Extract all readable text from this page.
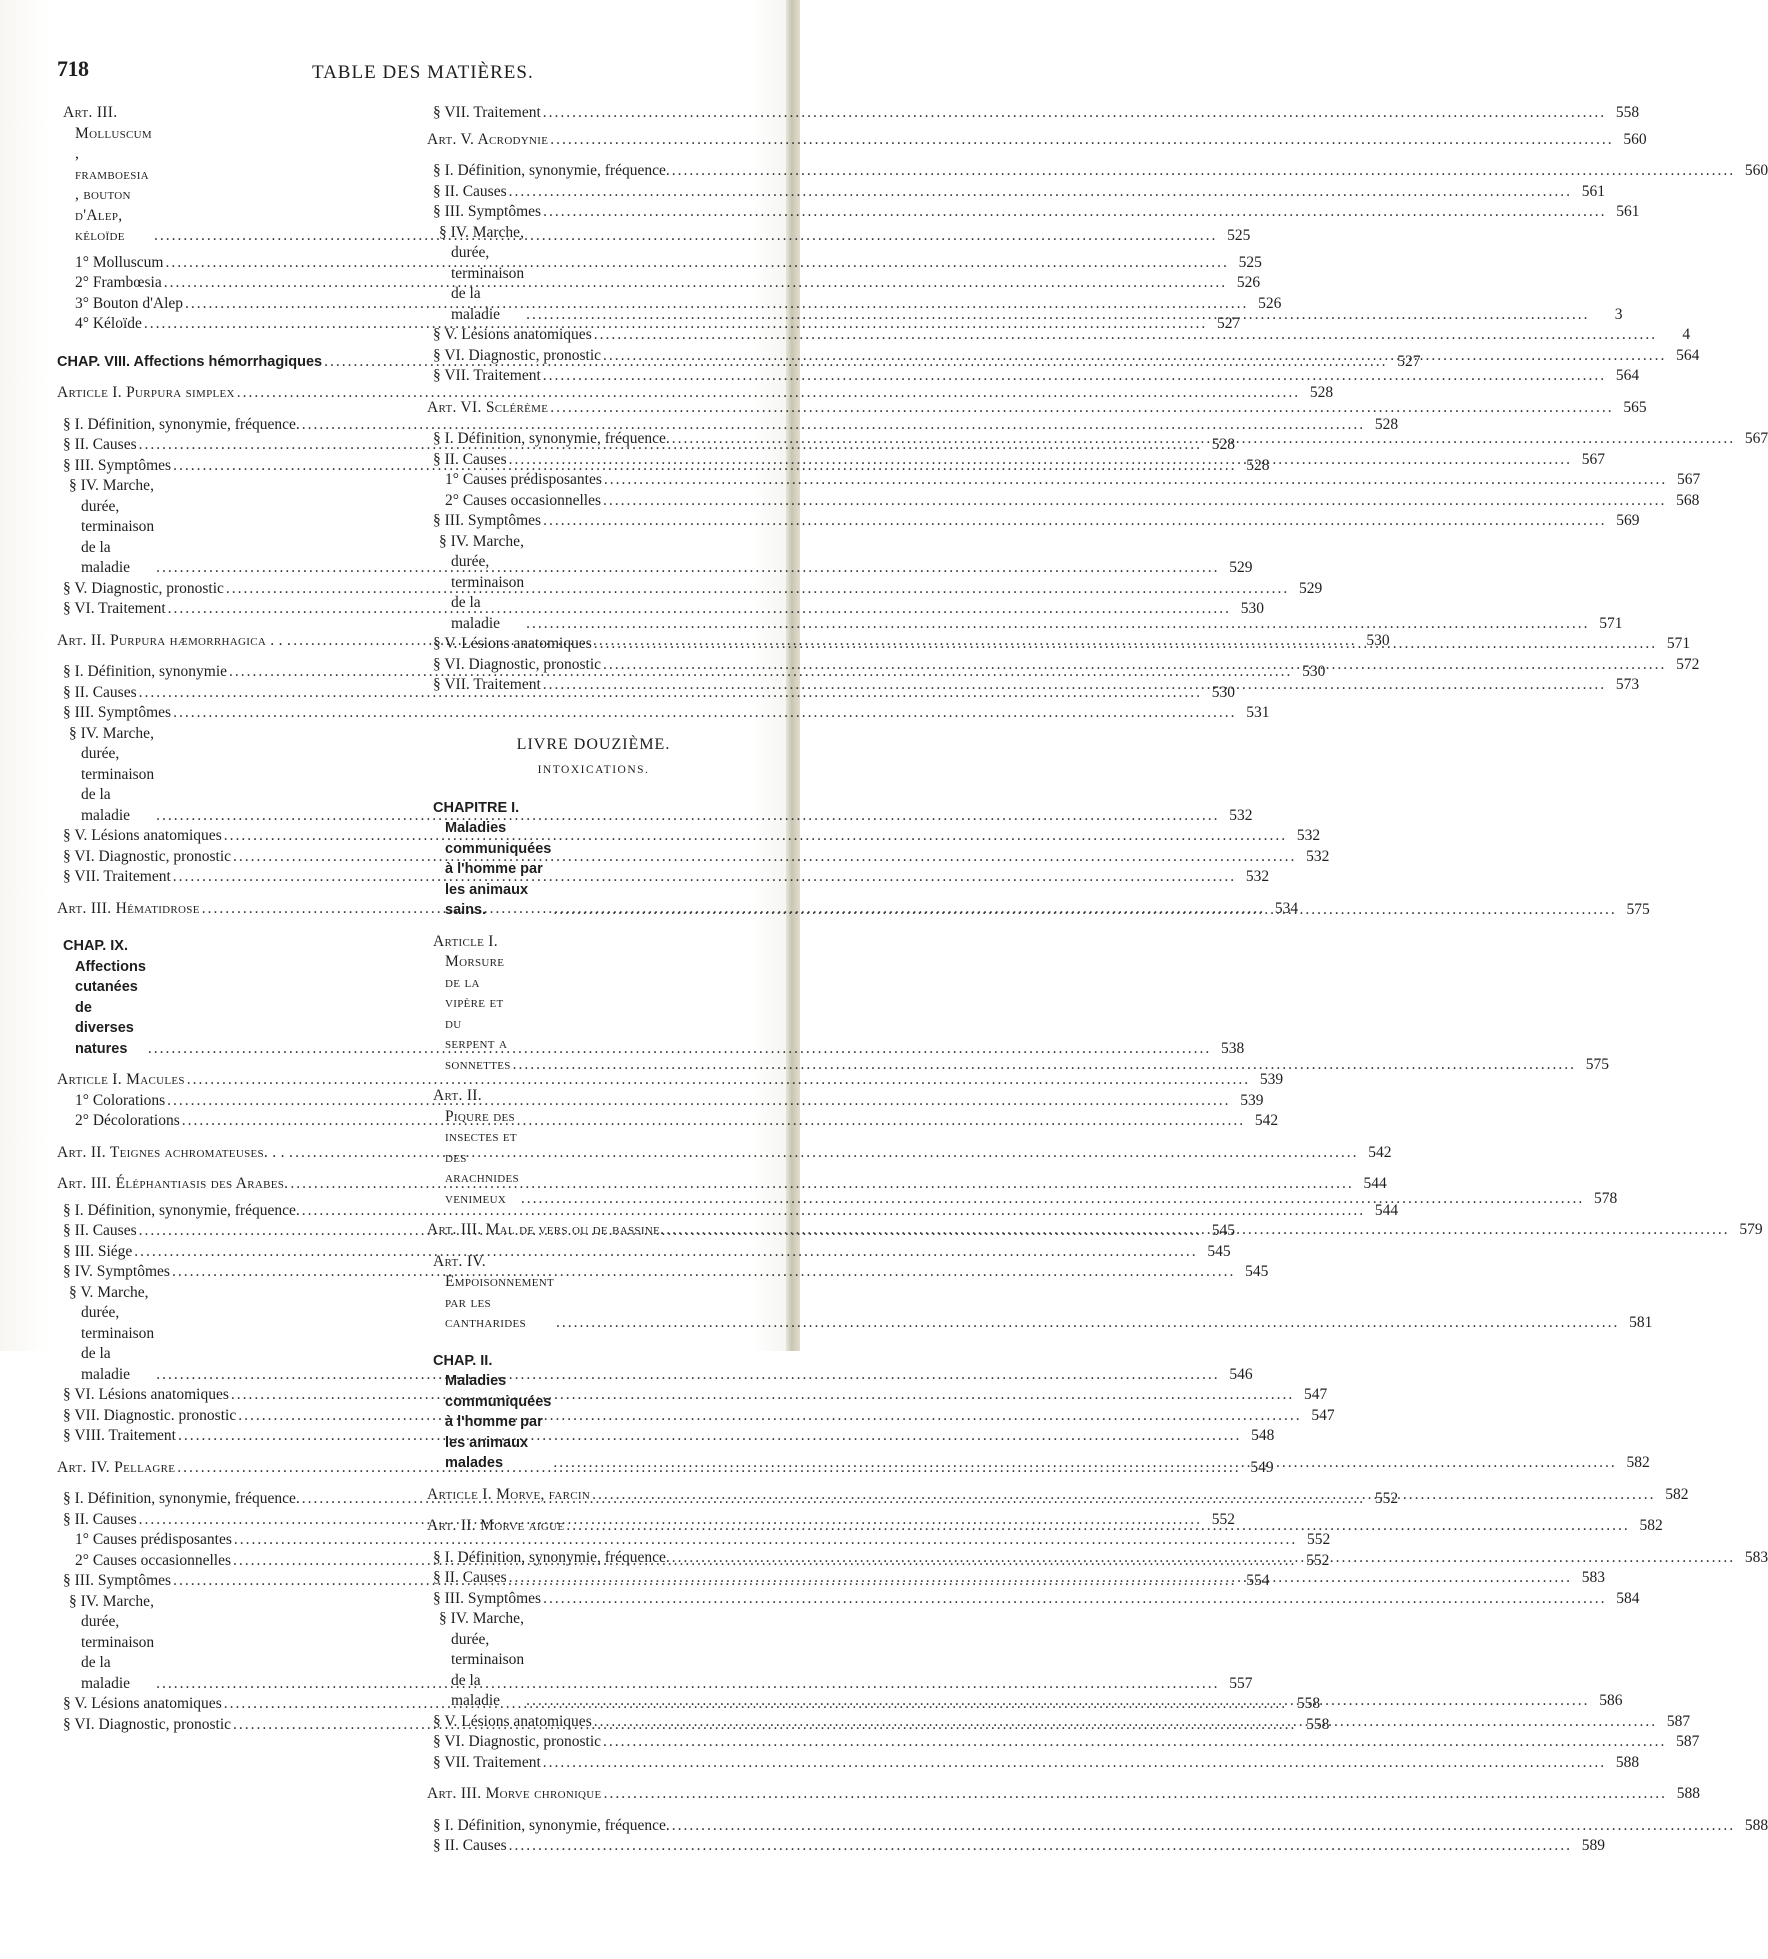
718	TABLE DES MATIÈRES.
Art. III. Molluscum , framboesia , bouton d'Alep, kéloïde .....	525
1° Molluscum .....	525
2° Frambœsia .....	526
3° Bouton d'Alep .....	526
4° Kéloïde .....	527
CHAP. VIII. Affections hémorrhagiques .....	527
Article I. Purpura simplex .....	528
§ I. Définition, synonymie, fréquence. .....	528
§ II. Causes .....	528
§ III. Symptômes .....	528
§ IV. Marche, durée, terminaison de la maladie .....	529
§ V. Diagnostic, pronostic .....	529
§ VI. Traitement .....	530
Art. II. Purpura hæmorrhagica . . . .....	530
§ I. Définition, synonymie .....	530
§ II. Causes .....	530
§ III. Symptômes .....	531
§ IV. Marche, durée, terminaison de la maladie .....	532
§ V. Lésions anatomiques .....	532
§ VI. Diagnostic, pronostic .....	532
§ VII. Traitement .....	532
Art. III. Hématidrose .....	534
CHAP. IX. Affections cutanées de diverses natures .....	538
Article I. Macules .....	539
1° Colorations .....	539
2° Décolorations .....	542
Art. II. Teignes achromateuses. . . . .....	542
Art. III. Éléphantiasis des Arabes. .....	544
§ I. Définition, synonymie, fréquence. .....	544
§ II. Causes .....	545
§ III. Siége .....	545
§ IV. Symptômes .....	545
§ V. Marche, durée, terminaison de la maladie .....	546
§ VI. Lésions anatomiques .....	547
§ VII. Diagnostic. pronostic .....	547
§ VIII. Traitement .....	548
Art. IV. Pellagre .....	549
§ I. Définition, synonymie, fréquence. .....	552
§ II. Causes .....	552
1° Causes prédisposantes .....	552
2° Causes occasionnelles .....	552
§ III. Symptômes .....	554
§ IV. Marche, durée, terminaison de la maladie .....	557
§ V. Lésions anatomiques .....	558
§ VI. Diagnostic, pronostic .....	558
§ VII. Traitement .....	558
Art. V. Acrodynie .....	560
§ I. Définition, synonymie, fréquence. .....	560
§ II. Causes .....	561
§ III. Symptômes .....	561
§ IV. Marche, durée, terminaison de la maladie .....	3
§ V. Lésions anatomiques .....	4
§ VI. Diagnostic, pronostic .....	564
§ VII. Traitement .....	564
Art. VI. Sclérème .....	565
§ I. Définition, synonymie, fréquence. .....	567
§ II. Causes .....	567
1° Causes prédisposantes .....	567
2° Causes occasionnelles .....	568
§ III. Symptômes .....	569
§ IV. Marche, durée, terminaison de la maladie .....	571
§ V. Lésions anatomiques .....	571
§ VI. Diagnostic, pronostic .....	572
§ VII. Traitement .....	573
LIVRE DOUZIÈME.
INTOXICATIONS.
CHAPITRE I. Maladies communiquées à l'homme par les animaux sains. .....	575
Article I. Morsure de la vipère et du serpent a sonnettes .....	575
Art. II. Piqure des insectes et des arachnides venimeux .....	578
Art. III. Mal de vers ou de bassine. .....	579
Art. IV. Empoisonnement par les cantharides .....	581
CHAP. II. Maladies communiquées à l'homme par les animaux malades .....	582
Article I. Morve, farcin .....	582
Art. II. Morve aigue .....	582
§ I. Définition, synonymie, fréquence. .....	583
§ II. Causes .....	583
§ III. Symptômes .....	584
§ IV. Marche, durée, terminaison de la maladie .....	586
§ V. Lésions anatomiques .....	587
§ VI. Diagnostic, pronostic .....	587
§ VII. Traitement .....	588
Art. III. Morve chronique .....	588
§ I. Définition, synonymie, fréquence. .....	588
§ II. Causes .....	589
